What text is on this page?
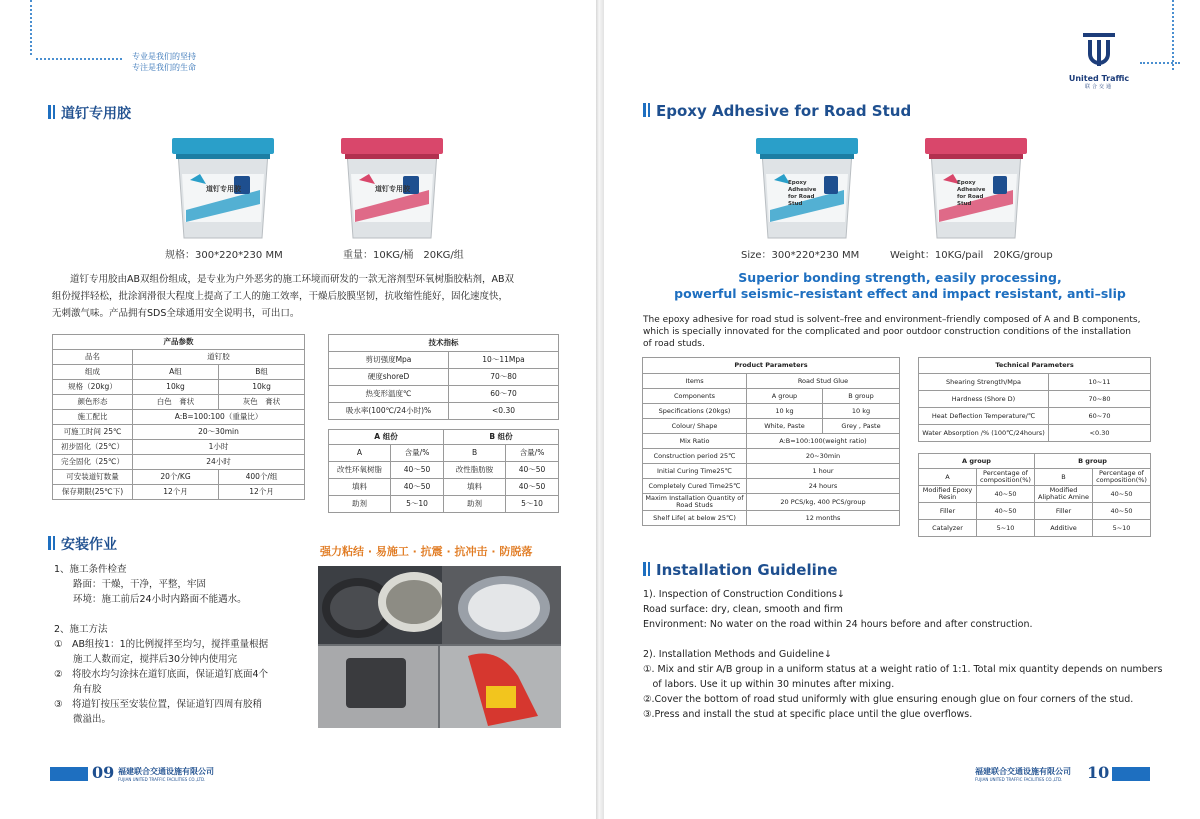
专业是我们的坚持
专注是我们的生命
United Traffic
联合交通
道钉专用胶
道钉专用胶	道钉专用胶
规格：300*220*230 MM	重量：10KG/桶　20KG/组
道钉专用胶由AB双组份组成，是专业为户外恶劣的施工环境而研发的一款无溶剂型环氧树脂胶粘剂，AB双
组份搅拌轻松，批涂润滑很大程度上提高了工人的施工效率，干燥后胶膜坚韧，抗收缩性能好，固化速度快，
无刺激气味。产品拥有SDS全球通用安全说明书，可出口。
产品参数		
品名	道钉胶	
组成	A组	B组
规格（20kg）	10kg	10kg
颜色形态	白色　膏状	灰色　膏状
施工配比	A:B=100:100（重量比）	
可施工时间 25℃	20～30min	
初步固化（25℃）	1小时	
完全固化（25℃）	24小时	
可安装道钉数量	20个/KG	400个/组
保存期限(25℃下)	12个月	12个月
技术指标	
剪切强度Mpa	10～11Mpa
硬度shoreD	70～80
热变形温度℃	60～70
吸水率(100℃/24小时)%	<0.30
A 组份		B 组份	
A	含量/%	B	含量/%
改性环氧树脂	40～50	改性脂肪胺	40～50
填料	40～50	填料	40～50
助剂	5～10	助剂	5～10
安装作业
1、施工条件检查
　　路面：干燥，干净，平整，牢固
　　环境：施工前后24小时内路面不能遇水。
2、施工方法
①　AB组按1：1的比例搅拌至均匀，搅拌重量根据
　　施工人数而定，搅拌后30分钟内使用完
②　将胶水均匀涂抹在道钉底面，保证道钉底面4个
　　角有胶
③　将道钉按压至安装位置，保证道钉四周有胶稍
　　微溢出。
强力粘结 · 易施工 · 抗震 · 抗冲击 · 防脱落
09 福建联合交通设施有限公司
FUJIAN UNITED TRAFFIC FACILITIES CO.,LTD.
Epoxy Adhesive for Road Stud
Epoxy Adhesive for Road Stud
Epoxy Adhesive for Road Stud
Size：300*220*230 MM	Weight：10KG/pail　20KG/group
Superior bonding strength, easily processing,
powerful seismic–resistant effect and impact resistant, anti–slip
The epoxy adhesive for road stud is solvent–free and environment–friendly composed of A and B components,
which is specially innovated for the complicated and poor outdoor construction conditions of the installation
of road studs.
Product Parameters		
Items	Road Stud Glue	
Components	A group	B group
Specifications (20kgs)	10 kg	10 kg
Colour/ Shape	White, Paste	Grey , Paste
Mix Ratio	A:B=100:100(weight ratio)	
Construction period 25℃	20~30min	
Initial Curing Time25℃	1 hour	
Completely Cured Time25℃	24 hours	
Maxim Installation Quantity of Road Studs	20 PCS/kg, 400 PCS/group	
Shelf Life( at below 25℃)	12 months	
Technical Parameters	
Shearing Strength/Mpa	10~11
Hardness (Shore D)	70~80
Heat Deflection Temperature/℃	60~70
Water Absorption /% (100℃/24hours)	<0.30
A group		B group	
A	Percentage of composition(%)	B	Percentage of composition(%)
Modified Epoxy Resin	40~50	Modified Aliphatic Amine	40~50
Filler	40~50	Filler	40~50
Catalyzer	5~10	Additive	5~10
Installation Guideline
1). Inspection of Construction Conditions↓
Road surface: dry, clean, smooth and firm
Environment: No water on the road within 24 hours before and after construction.
2). Installation Methods and Guideline↓
①. Mix and stir A/B group in a uniform status at a weight ratio of 1:1. Total mix quantity depends on numbers
　of labors. Use it up within 30 minutes after mixing.
②.Cover the bottom of road stud uniformly with glue ensuring enough glue on four corners of the stud.
③.Press and install the stud at specific place until the glue overflows.
福建联合交通设施有限公司
FUJIAN UNITED TRAFFIC FACILITIES CO.,LTD. 10
